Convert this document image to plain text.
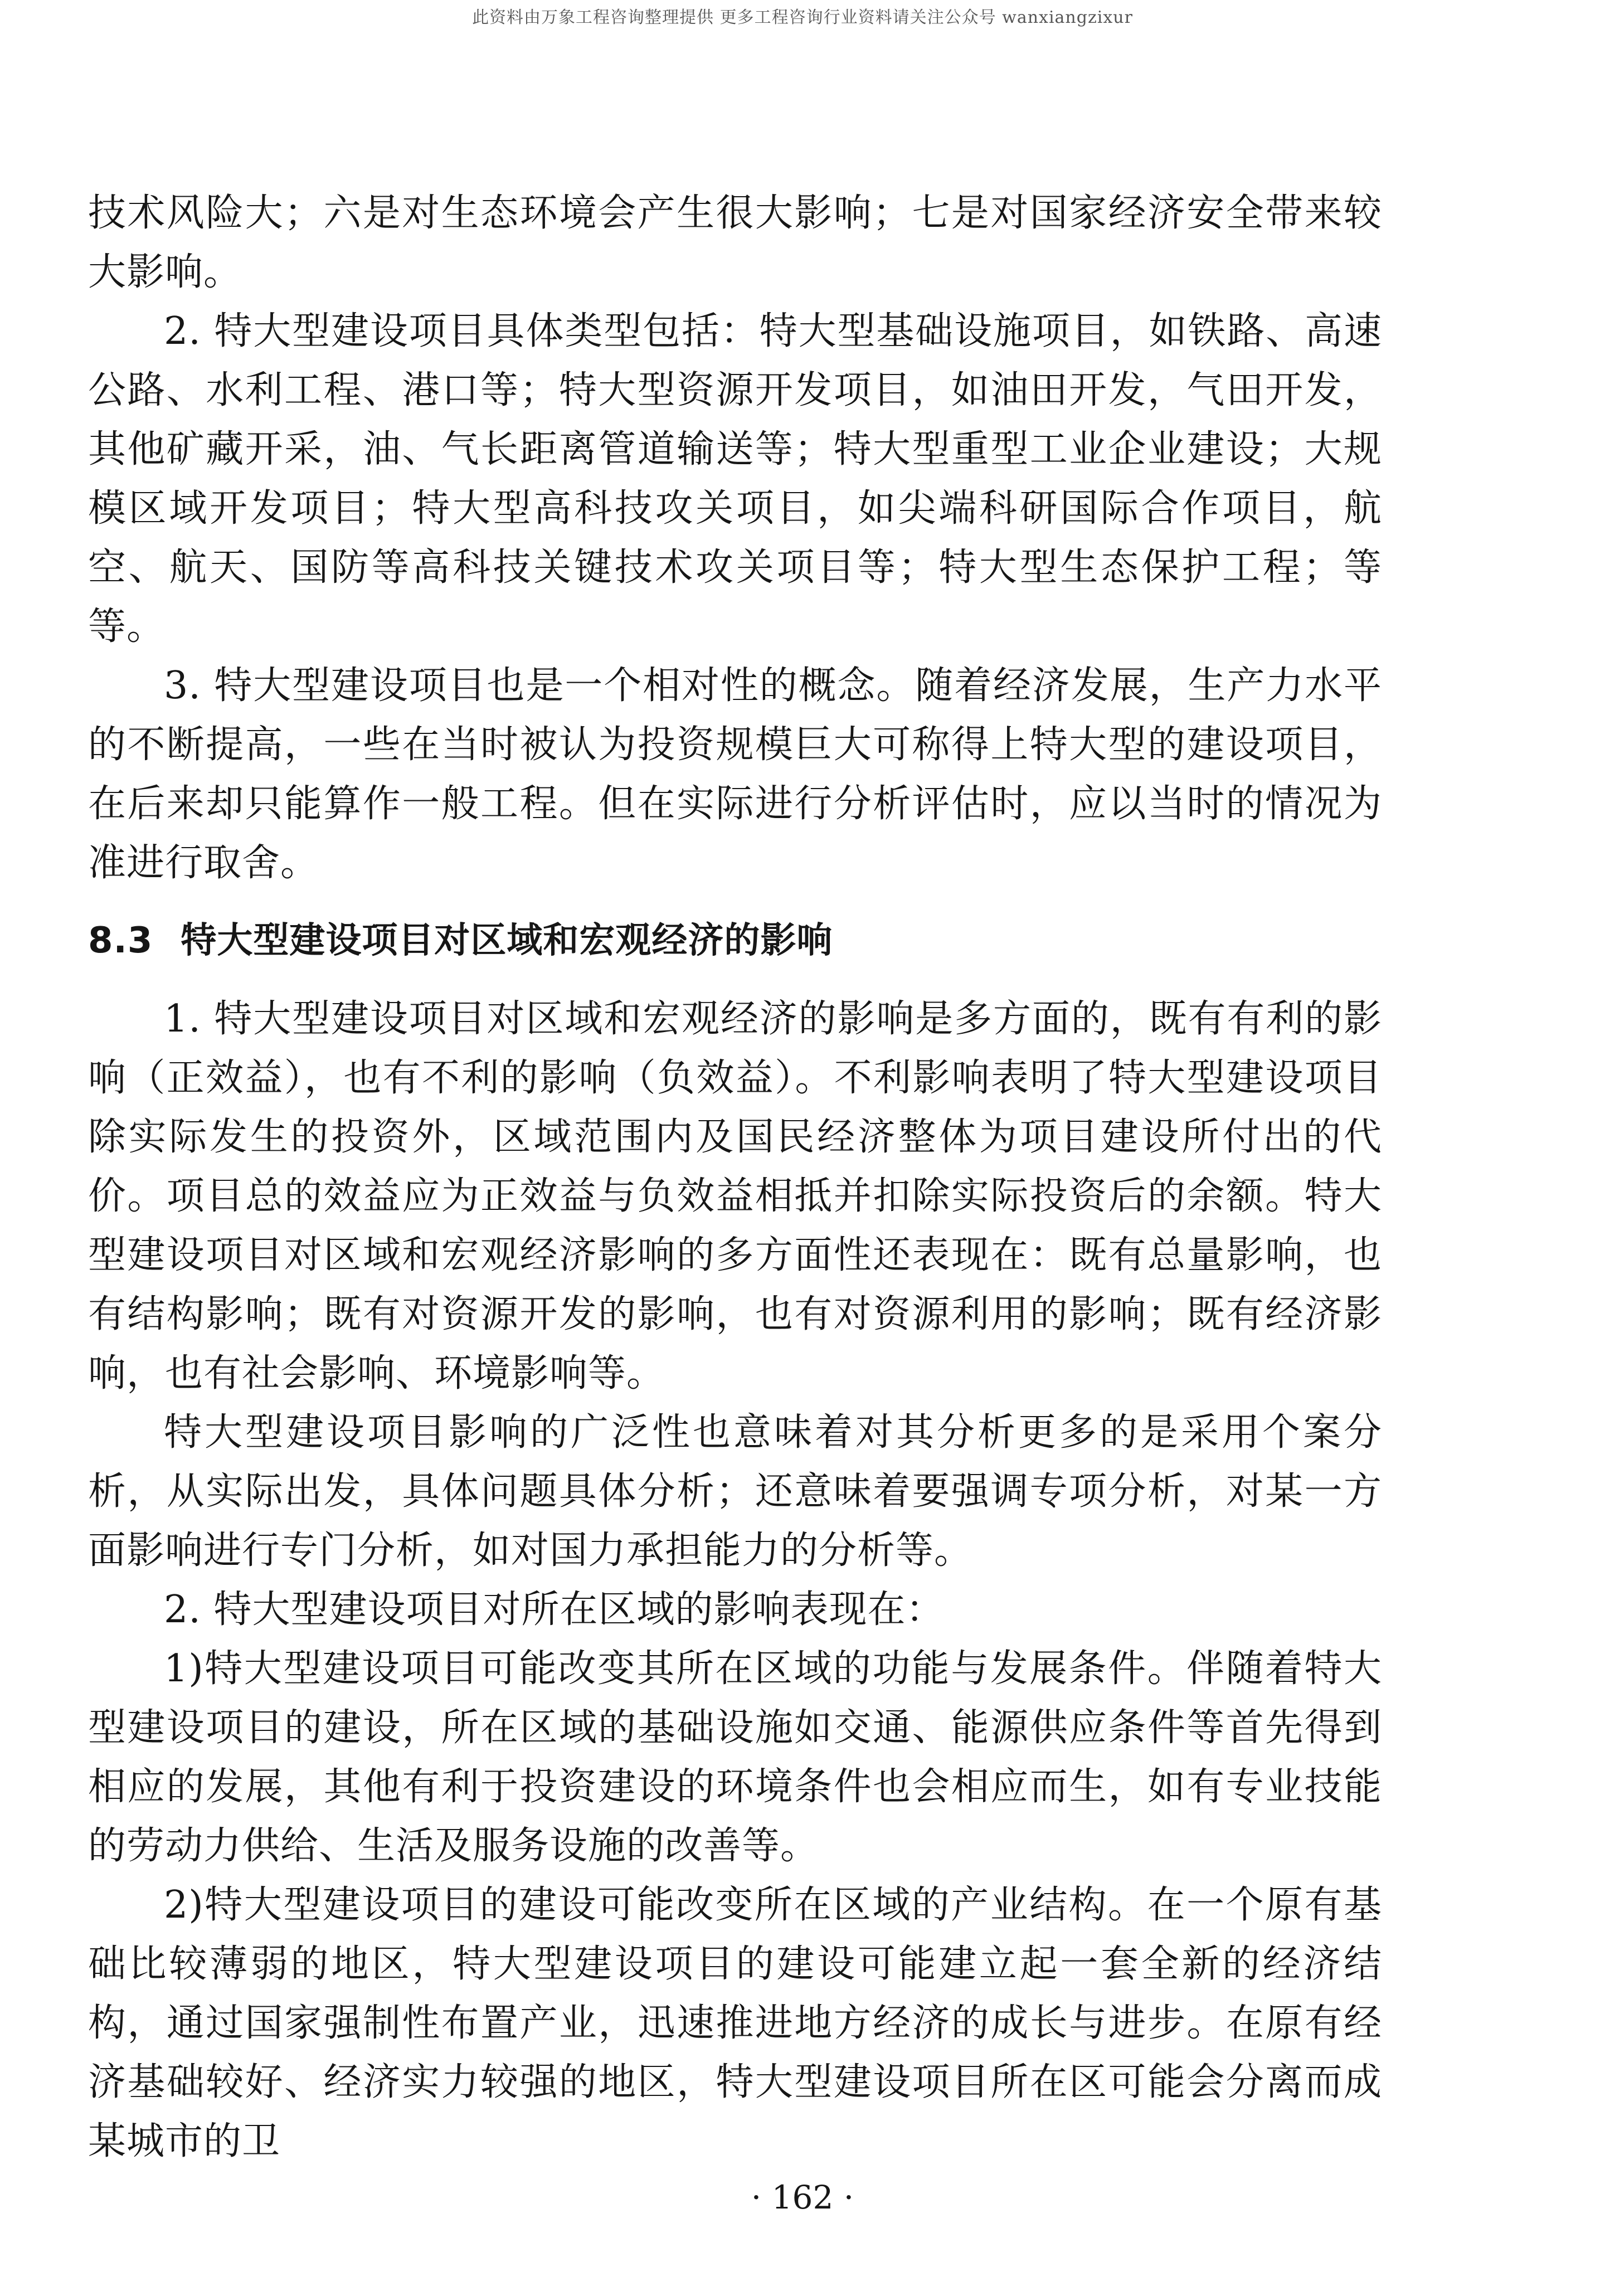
此资料由万象工程咨询整理提供 更多工程咨询行业资料请关注公众号 wanxiangzixur

技术风险大；六是对生态环境会产生很大影响；七是对国家经济安全带来较大影响。

2. 特大型建设项目具体类型包括：特大型基础设施项目，如铁路、高速公路、水利工程、港口等；特大型资源开发项目，如油田开发，气田开发，其他矿藏开采，油、气长距离管道输送等；特大型重型工业企业建设；大规模区域开发项目；特大型高科技攻关项目，如尖端科研国际合作项目，航空、航天、国防等高科技关键技术攻关项目等；特大型生态保护工程；等等。

3. 特大型建设项目也是一个相对性的概念。随着经济发展，生产力水平的不断提高，一些在当时被认为投资规模巨大可称得上特大型的建设项目，在后来却只能算作一般工程。但在实际进行分析评估时，应以当时的情况为准进行取舍。

8.3 特大型建设项目对区域和宏观经济的影响

1. 特大型建设项目对区域和宏观经济的影响是多方面的，既有有利的影响（正效益），也有不利的影响（负效益）。不利影响表明了特大型建设项目除实际发生的投资外，区域范围内及国民经济整体为项目建设所付出的代价。项目总的效益应为正效益与负效益相抵并扣除实际投资后的余额。特大型建设项目对区域和宏观经济影响的多方面性还表现在：既有总量影响，也有结构影响；既有对资源开发的影响，也有对资源利用的影响；既有经济影响，也有社会影响、环境影响等。

特大型建设项目影响的广泛性也意味着对其分析更多的是采用个案分析，从实际出发，具体问题具体分析；还意味着要强调专项分析，对某一方面影响进行专门分析，如对国力承担能力的分析等。

2. 特大型建设项目对所在区域的影响表现在：

1)特大型建设项目可能改变其所在区域的功能与发展条件。伴随着特大型建设项目的建设，所在区域的基础设施如交通、能源供应条件等首先得到相应的发展，其他有利于投资建设的环境条件也会相应而生，如有专业技能的劳动力供给、生活及服务设施的改善等。

2)特大型建设项目的建设可能改变所在区域的产业结构。在一个原有基础比较薄弱的地区，特大型建设项目的建设可能建立起一套全新的经济结构，通过国家强制性布置产业，迅速推进地方经济的成长与进步。在原有经济基础较好、经济实力较强的地区，特大型建设项目所在区可能会分离而成某城市的卫

· 162 ·
